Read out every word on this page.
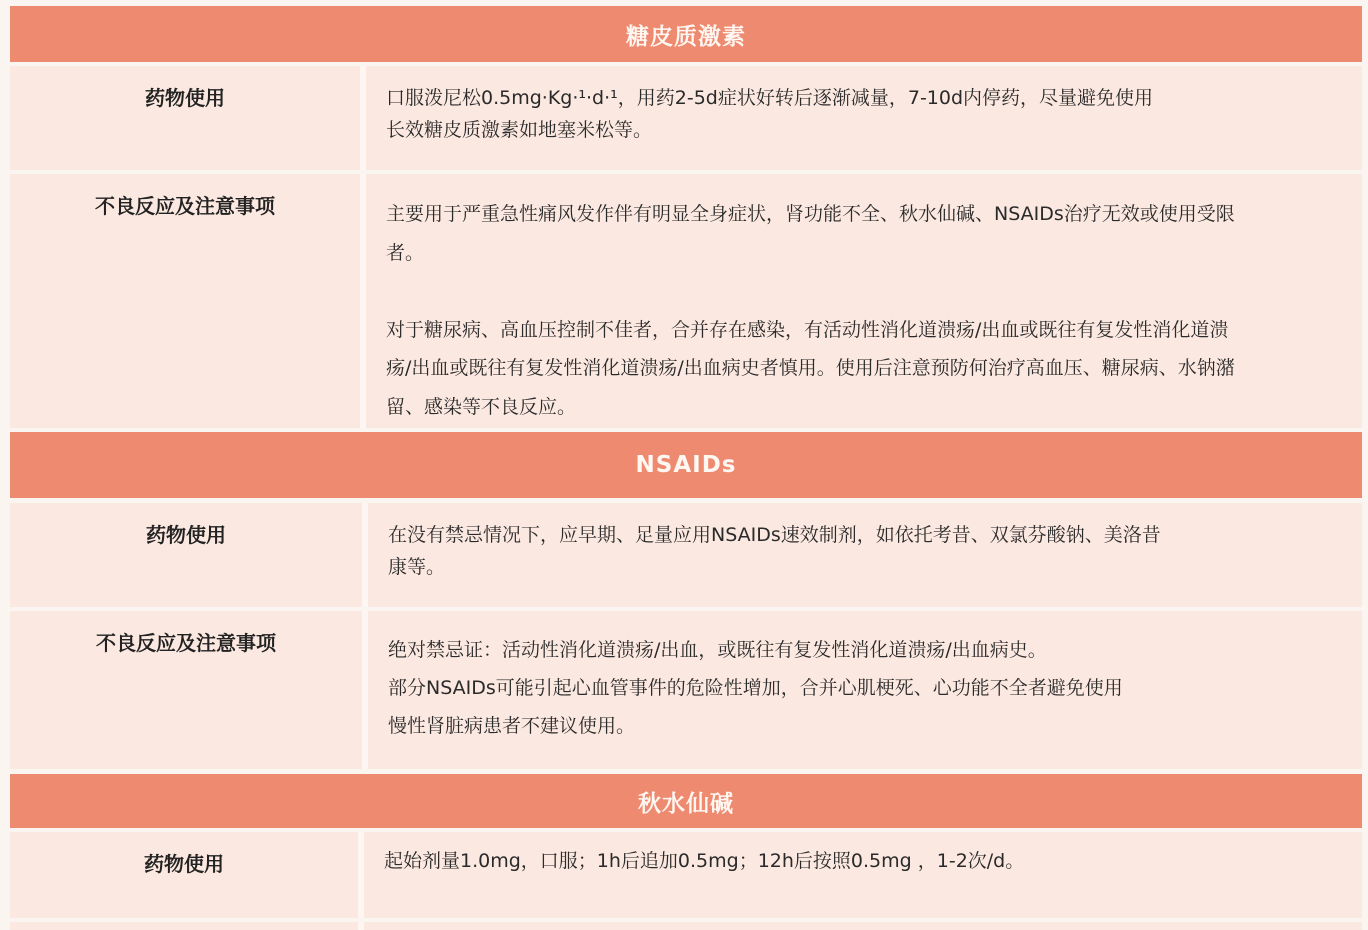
糖皮质激素
药物使用	口服泼尼松0.5mg·Kg·¹·d·¹，用药2-5d症状好转后逐渐减量，7-10d内停药，尽量避免使用

长效糖皮质激素如地塞米松等。

不良反应及注意事项	主要用于严重急性痛风发作伴有明显全身症状，肾功能不全、秋水仙碱、NSAIDs治疗无效或使用受限

者。

对于糖尿病、高血压控制不佳者，合并存在感染，有活动性消化道溃疡/出血或既往有复发性消化道溃

疡/出血或既往有复发性消化道溃疡/出血病史者慎用。使用后注意预防何治疗高血压、糖尿病、水钠潴

留、感染等不良反应。

NSAIDs
药物使用	在没有禁忌情况下，应早期、足量应用NSAIDs速效制剂，如依托考昔、双氯芬酸钠、美洛昔

康等。

不良反应及注意事项	绝对禁忌证：活动性消化道溃疡/出血，或既往有复发性消化道溃疡/出血病史。

部分NSAIDs可能引起心血管事件的危险性增加，合并心肌梗死、心功能不全者避免使用

慢性肾脏病患者不建议使用。

秋水仙碱
药物使用	起始剂量1.0mg，口服；1h后追加0.5mg；12h后按照0.5mg ，1-2次/d。
